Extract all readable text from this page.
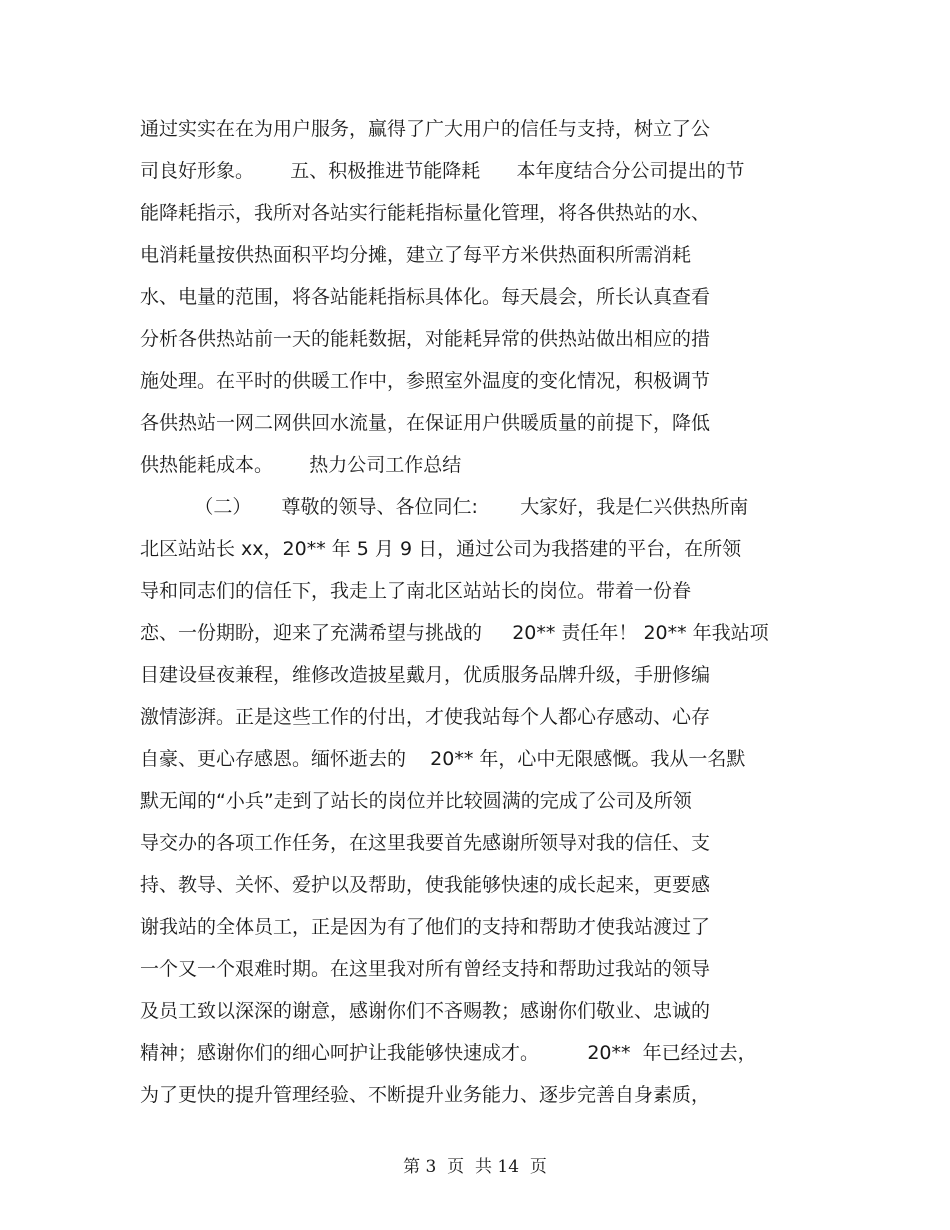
通过实实在在为用户服务，赢得了广大用户的信任与支持，树立了公
司良好形象。      五、积极推进节能降耗      本年度结合分公司提出的节
能降耗指示，我所对各站实行能耗指标量化管理，将各供热站的水、
电消耗量按供热面积平均分摊，建立了每平方米供热面积所需消耗
水、电量的范围，将各站能耗指标具体化。每天晨会，所长认真查看
分析各供热站前一天的能耗数据，对能耗异常的供热站做出相应的措
施处理。在平时的供暖工作中，参照室外温度的变化情况，积极调节
各供热站一网二网供回水流量，在保证用户供暖质量的前提下，降低
供热能耗成本。      热力公司工作总结
（二）     尊敬的领导、各位同仁:       大家好，我是仁兴供热所南
北区站站长 xx，20** 年 5 月 9 日，通过公司为我搭建的平台，在所领
导和同志们的信任下，我走上了南北区站站长的岗位。带着一份眷
恋、一份期盼，迎来了充满希望与挑战的     20** 责任年！ 20** 年我站项
目建设昼夜兼程，维修改造披星戴月，优质服务品牌升级，手册修编
激情澎湃。正是这些工作的付出，才使我站每个人都心存感动、心存
自豪、更心存感恩。缅怀逝去的    20** 年，心中无限感慨。我从一名默
默无闻的“小兵”走到了站长的岗位并比较圆满的完成了公司及所领
导交办的各项工作任务，在这里我要首先感谢所领导对我的信任、支
持、教导、关怀、爱护以及帮助，使我能够快速的成长起来，更要感
谢我站的全体员工，正是因为有了他们的支持和帮助才使我站渡过了
一个又一个艰难时期。在这里我对所有曾经支持和帮助过我站的领导
及员工致以深深的谢意，感谢你们不吝赐教；感谢你们敬业、忠诚的
精神；感谢你们的细心呵护让我能够快速成才。        20**  年已经过去，
为了更快的提升管理经验、不断提升业务能力、逐步完善自身素质，
第 3  页  共 14  页
